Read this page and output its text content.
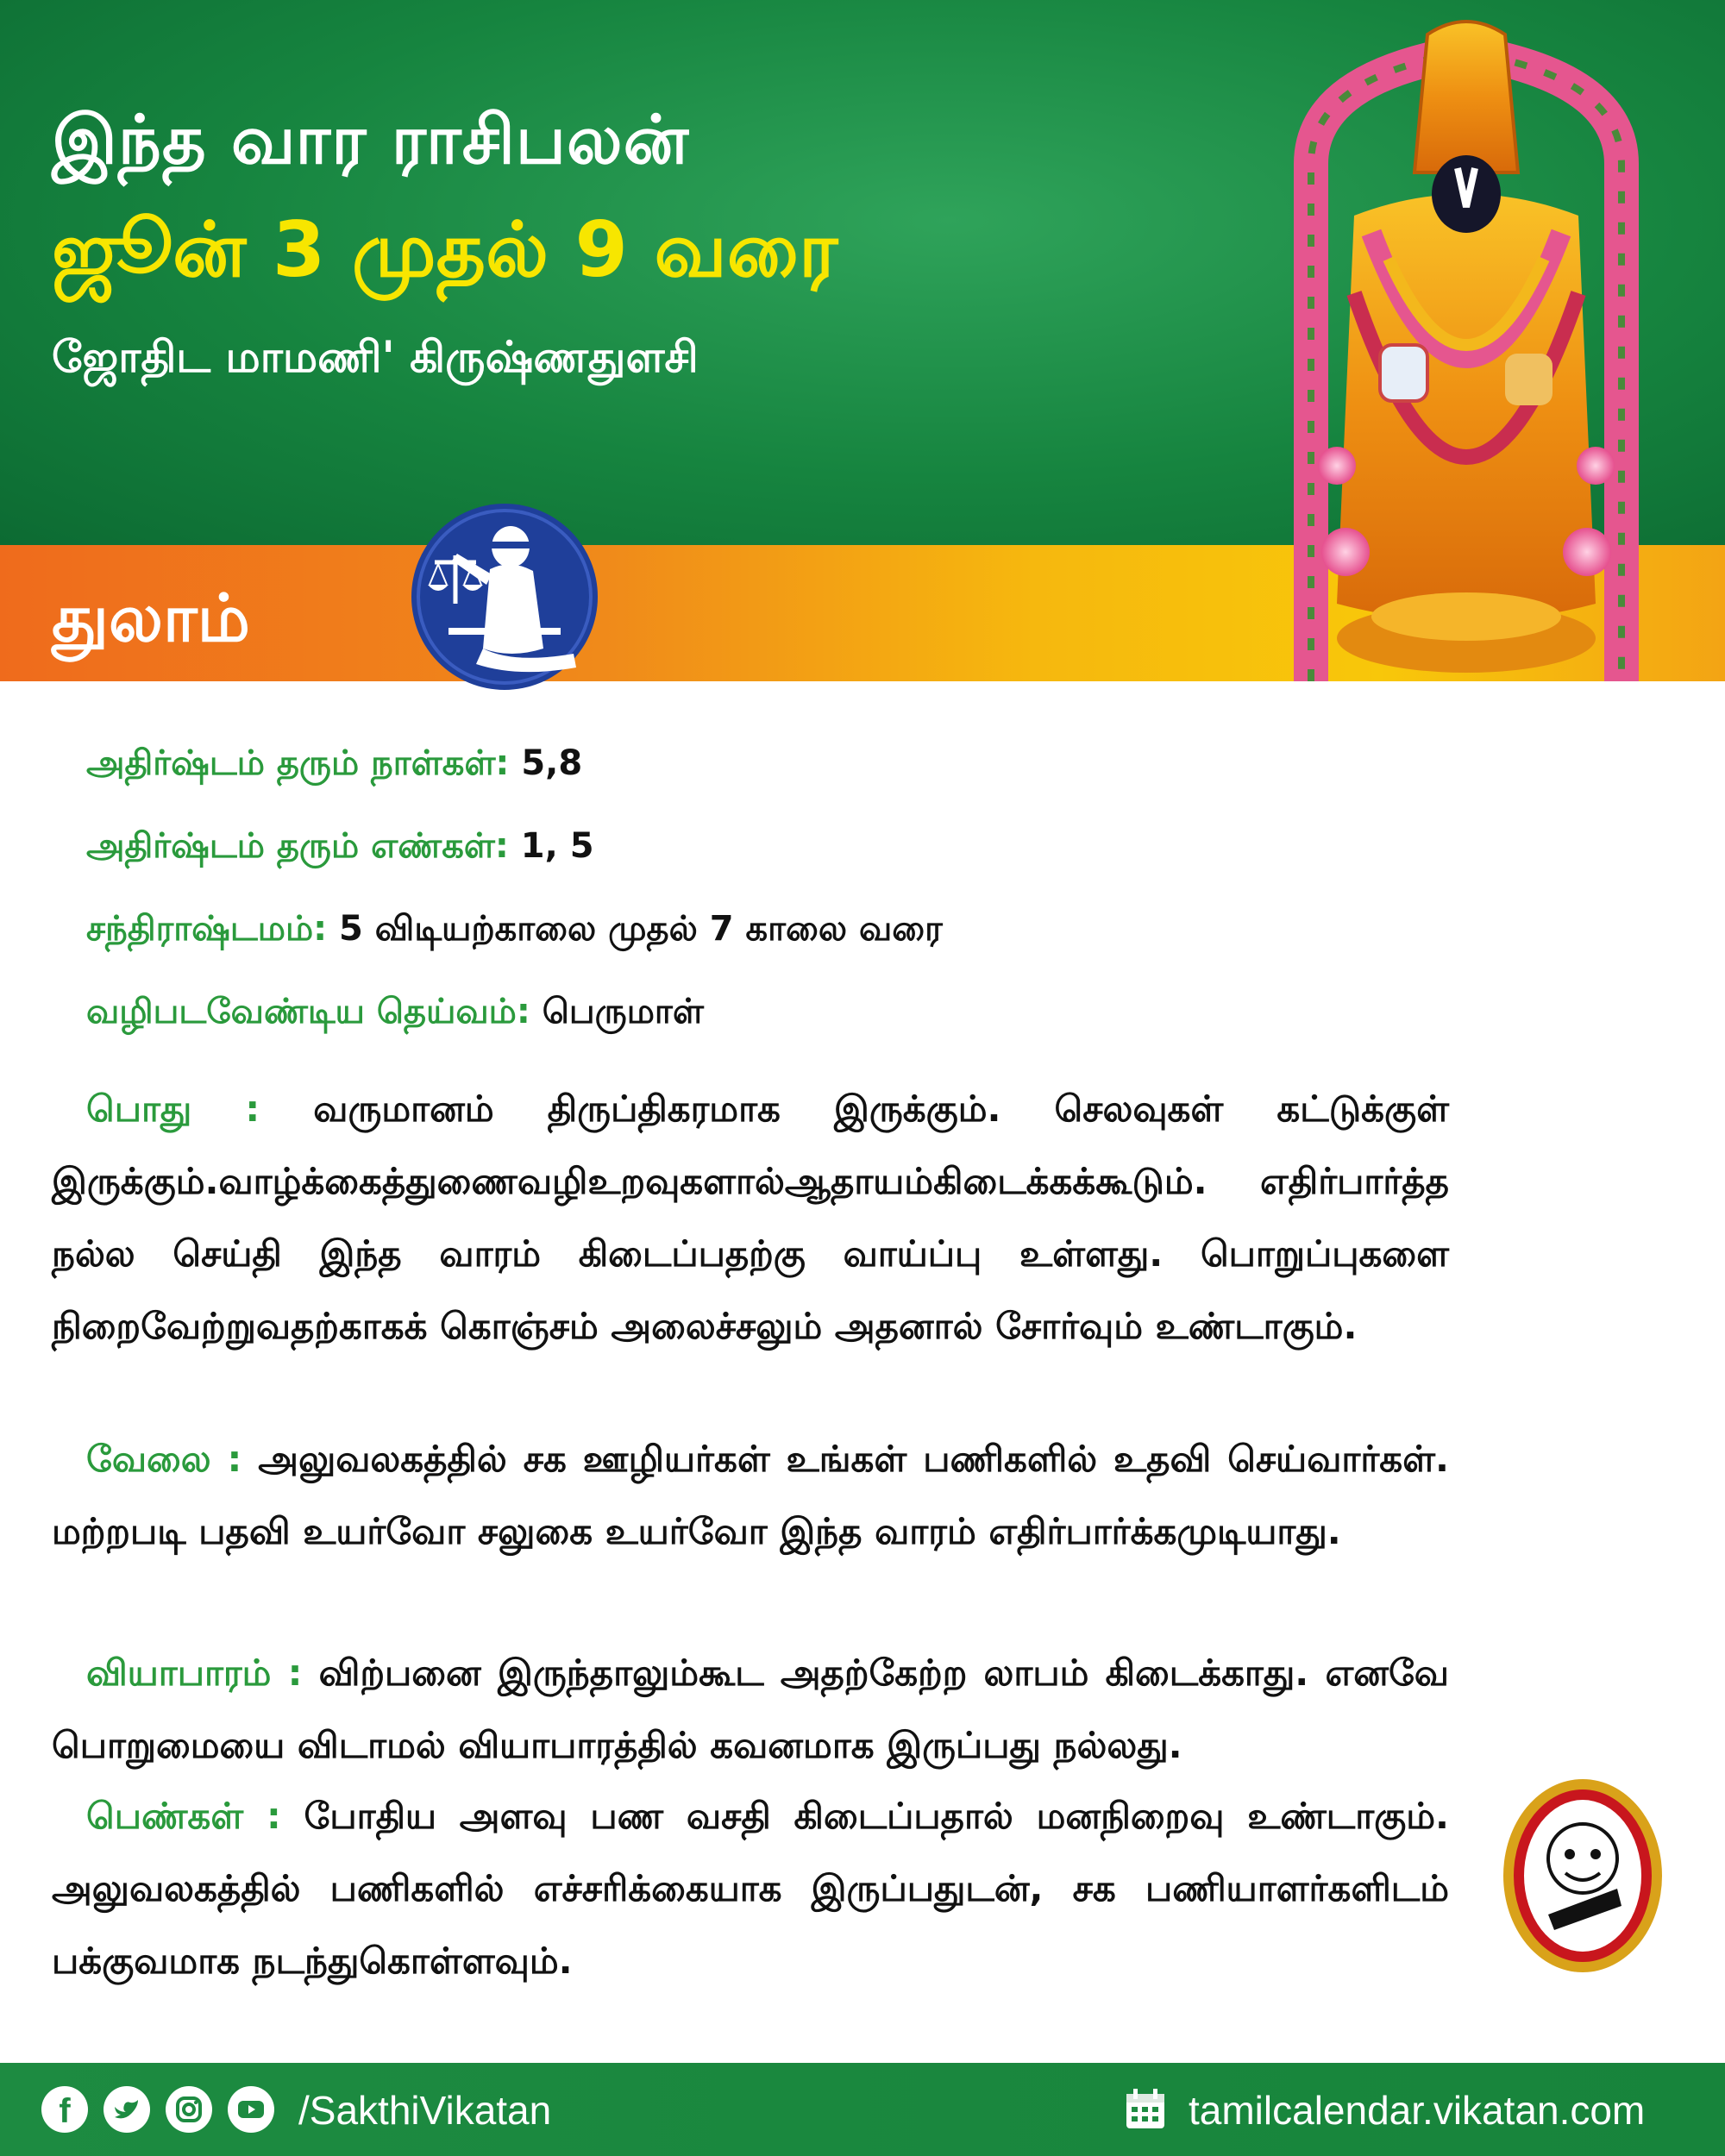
இந்த வார ராசிபலன்
ஜூன் 3 முதல் 9 வரை
ஜோதிட மாமணி' கிருஷ்ணதுளசி
துலாம்
அதிர்ஷ்டம் தரும் நாள்கள்: 5,8
அதிர்ஷ்டம் தரும் எண்கள்: 1, 5
சந்திராஷ்டமம்: 5 விடியற்காலை முதல் 7 காலை வரை
வழிபடவேண்டிய தெய்வம்: பெருமாள்
பொது : வருமானம் திருப்திகரமாக இருக்கும். செலவுகள் கட்டுக்குள் இருக்கும்.வாழ்க்கைத்துணைவழிஉறவுகளால்ஆதாயம்கிடைக்கக்கூடும். எதிர்பார்த்த நல்ல செய்தி இந்த வாரம் கிடைப்பதற்கு வாய்ப்பு உள்ளது. பொறுப்புகளை நிறைவேற்றுவதற்காகக் கொஞ்சம் அலைச்சலும் அதனால் சோர்வும் உண்டாகும்.
வேலை : அலுவலகத்தில் சக ஊழியர்கள் உங்கள் பணிகளில் உதவி செய்வார்கள். மற்றபடி பதவி உயர்வோ சலுகை உயர்வோ இந்த வாரம் எதிர்பார்க்கமுடியாது.
வியாபாரம் : விற்பனை இருந்தாலும்கூட அதற்கேற்ற லாபம் கிடைக்காது. எனவே பொறுமையை விடாமல் வியாபாரத்தில் கவனமாக இருப்பது நல்லது.
பெண்கள் : போதிய அளவு பண வசதி கிடைப்பதால் மனநிறைவு உண்டாகும். அலுவலகத்தில் பணிகளில் எச்சரிக்கையாக இருப்பதுடன், சக பணியாளர்களிடம் பக்குவமாக நடந்துகொள்ளவும்.
f	/SakthiVikatan	tamilcalendar.vikatan.com
